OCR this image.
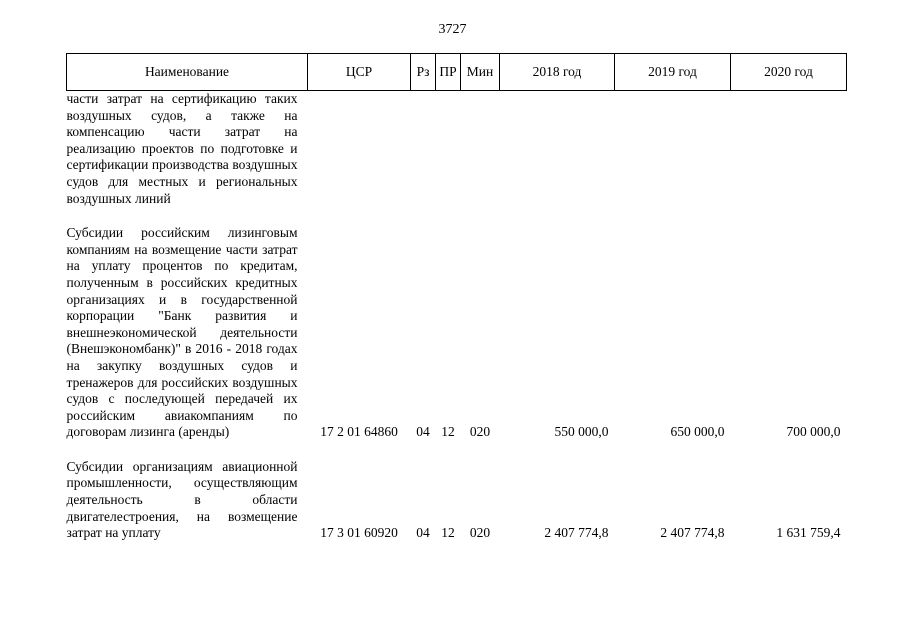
3727
Наименование	ЦСР	Рз	ПР	Мин	2018 год	2019 год	2020 год
части затрат на сертификацию таких воздушных судов, а также на компенсацию части затрат на реализацию проектов по подготовке и сертификации производства воздушных судов для местных и региональных воздушных линий							

Субсидии российским лизинговым компаниям на возмещение части затрат на уплату процентов по кредитам, полученным в российских кредитных организациях и в государственной корпорации "Банк развития и внешнеэкономической деятельности (Внешэкономбанк)" в 2016 - 2018 годах на закупку воздушных судов и тренажеров для российских воздушных судов с последующей передачей их российским авиакомпаниям по договорам лизинга (аренды)	17 2 01 64860	04	12	020	550 000,0	650 000,0	700 000,0

Субсидии организациям авиационной промышленности, осуществляющим деятельность в области двигателестроения, на возмещение затрат на уплату	17 3 01 60920	04	12	020	2 407 774,8	2 407 774,8	1 631 759,4
